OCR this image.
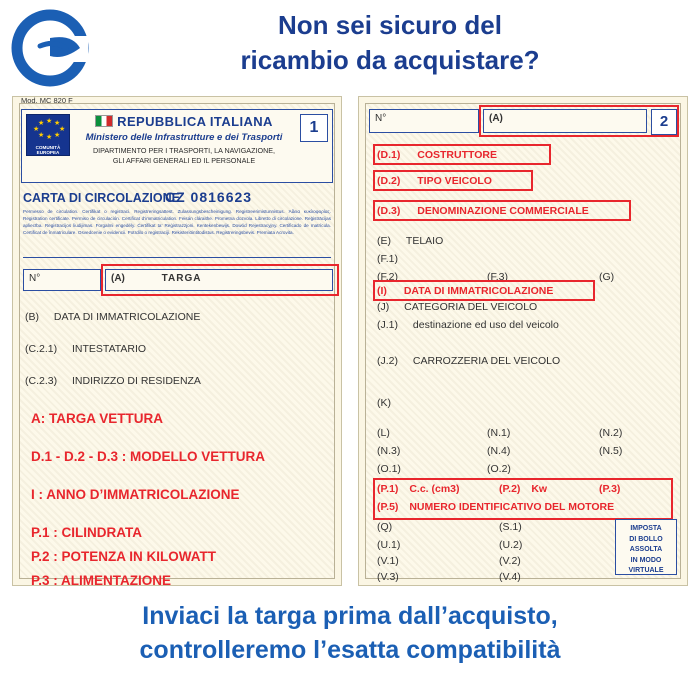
Non sei sicuro del
ricambio da acquistare?
Mod. MC 820 F
★ ★
★
★
★
★
★
★
COMUNITÀ
EUROPEA
REPUBBLICA ITALIANA
Ministero delle Infrastrutture e dei Trasporti
DIPARTIMENTO PER I TRASPORTI, LA NAVIGAZIONE,
GLI AFFARI GENERALI ED IL PERSONALE
1
CARTA DI CIRCOLAZIONE
CZ 0816623
Permesso de circulation. Certifikat o registraci. Registreringsattest. Zulassungsbescheinigung. Registreerimistunnistus. Άδεια κυκλοφορίας. Registration certificate. Permiso de circulación. Certificat d’immatriculation. Feisán cláraithe. Prometna dozvola. Libretto di circolazione. Reģistrācijas apliecība. Registracijos liudijimas. Forgalmi engedély. Ċertifikat ta’ Reġistrazzjoni. Kentekenbewijs. Dowód Rejestracyjny. Certificado de matrícula. Certificat de înmatriculare. Osvedcenie o evidencii. Potrdilo o registraciji. Rekisteriöintitodistus. Registreringsbevis. Premiata Acrovita.
N°	(A)	TARGA
(B) DATA DI IMMATRICOLAZIONE
(C.2.1) INTESTATARIO
(C.2.3) INDIRIZZO DI RESIDENZA
A: TARGA VETTURA
D.1 - D.2 - D.3 : MODELLO VETTURA
I : ANNO D’IMMATRICOLAZIONE
P.1 : CILINDRATA
P.2 : POTENZA IN KILOWATT
P.3 : ALIMENTAZIONE
N°	(A)	2
(D.1) COSTRUTTORE
(D.2) TIPO VEICOLO
(D.3) DENOMINAZIONE COMMERCIALE
(E) TELAIO
(F.1)
(F.2)	(F.3)	(G)
(I) DATA DI IMMATRICOLAZIONE
(J) CATEGORIA DEL VEICOLO
(J.1) destinazione ed uso del veicolo
(J.2) CARROZZERIA DEL VEICOLO
(K)
(L)	(N.1)	(N.2)
(N.3)	(N.4)	(N.5)
(O.1)	(O.2)
(P.1) C.c. (cm3)	(P.2) Kw	(P.3)
(P.5) NUMERO IDENTIFICATIVO DEL MOTORE
(Q)	(S.1)
(U.1)	(U.2)
(V.1)	(V.2)
(V.3)	(V.4)
IMPOSTA
DI BOLLO
ASSOLTA
IN MODO
VIRTUALE
Inviaci la targa prima dall’acquisto,
controlleremo l’esatta compatibilità
